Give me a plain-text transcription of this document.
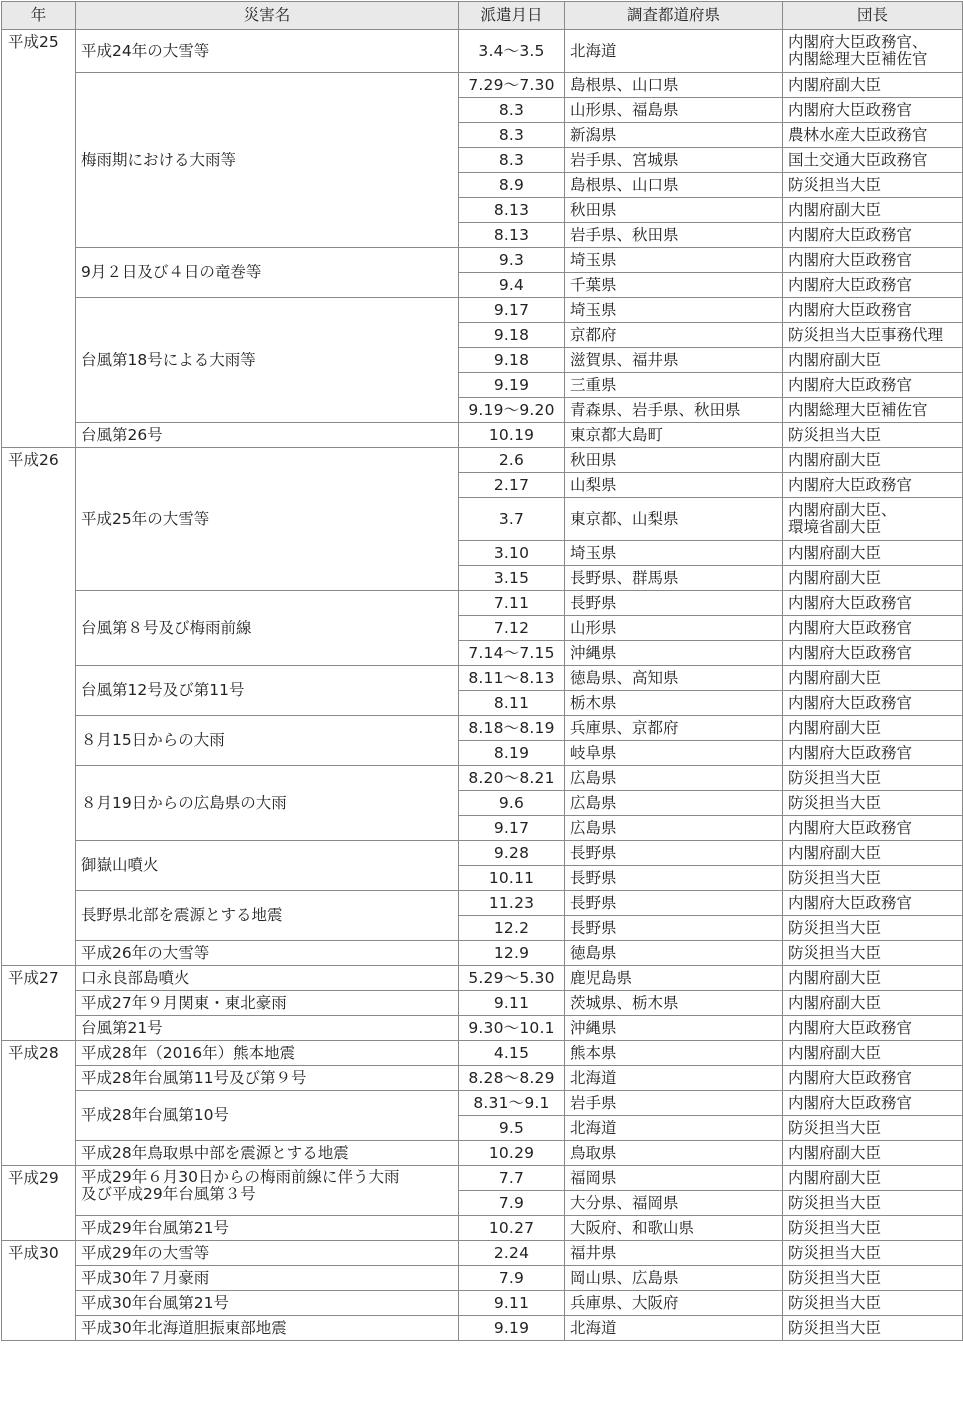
年	災害名	派遣月日	調査都道府県	団長
平成25	平成24年の大雪等	3.4〜3.5	北海道	内閣府大臣政務官、
内閣総理大臣補佐官
	梅雨期における大雨等	7.29〜7.30	島根県、山口県	内閣府副大臣
		8.3	山形県、福島県	内閣府大臣政務官
		8.3	新潟県	農林水産大臣政務官
		8.3	岩手県、宮城県	国土交通大臣政務官
		8.9	島根県、山口県	防災担当大臣
		8.13	秋田県	内閣府副大臣
		8.13	岩手県、秋田県	内閣府大臣政務官
	9月２日及び４日の竜巻等	9.3	埼玉県	内閣府大臣政務官
		9.4	千葉県	内閣府大臣政務官
	台風第18号による大雨等	9.17	埼玉県	内閣府大臣政務官
		9.18	京都府	防災担当大臣事務代理
		9.18	滋賀県、福井県	内閣府副大臣
		9.19	三重県	内閣府大臣政務官
		9.19〜9.20	青森県、岩手県、秋田県	内閣総理大臣補佐官
	台風第26号	10.19	東京都大島町	防災担当大臣
平成26	平成25年の大雪等	2.6	秋田県	内閣府副大臣
		2.17	山梨県	内閣府大臣政務官
		3.7	東京都、山梨県	内閣府副大臣、
環境省副大臣
		3.10	埼玉県	内閣府副大臣
		3.15	長野県、群馬県	内閣府副大臣
	台風第８号及び梅雨前線	7.11	長野県	内閣府大臣政務官
		7.12	山形県	内閣府大臣政務官
		7.14〜7.15	沖縄県	内閣府大臣政務官
	台風第12号及び第11号	8.11〜8.13	徳島県、高知県	内閣府副大臣
		8.11	栃木県	内閣府大臣政務官
	８月15日からの大雨	8.18〜8.19	兵庫県、京都府	内閣府副大臣
		8.19	岐阜県	内閣府大臣政務官
	８月19日からの広島県の大雨	8.20〜8.21	広島県	防災担当大臣
		9.6	広島県	防災担当大臣
		9.17	広島県	内閣府大臣政務官
	御嶽山噴火	9.28	長野県	内閣府副大臣
		10.11	長野県	防災担当大臣
	長野県北部を震源とする地震	11.23	長野県	内閣府大臣政務官
		12.2	長野県	防災担当大臣
	平成26年の大雪等	12.9	徳島県	防災担当大臣
平成27	口永良部島噴火	5.29〜5.30	鹿児島県	内閣府副大臣
	平成27年９月関東・東北豪雨	9.11	茨城県、栃木県	内閣府副大臣
	台風第21号	9.30〜10.1	沖縄県	内閣府大臣政務官
平成28	平成28年（2016年）熊本地震	4.15	熊本県	内閣府副大臣
	平成28年台風第11号及び第９号	8.28〜8.29	北海道	内閣府大臣政務官
	平成28年台風第10号	8.31〜9.1	岩手県	内閣府大臣政務官
		9.5	北海道	防災担当大臣
	平成28年鳥取県中部を震源とする地震	10.29	鳥取県	内閣府副大臣
平成29	平成29年６月30日からの梅雨前線に伴う大雨
及び平成29年台風第３号	7.7	福岡県	内閣府副大臣
		7.9	大分県、福岡県	防災担当大臣
	平成29年台風第21号	10.27	大阪府、和歌山県	防災担当大臣
平成30	平成29年の大雪等	2.24	福井県	防災担当大臣
	平成30年７月豪雨	7.9	岡山県、広島県	防災担当大臣
	平成30年台風第21号	9.11	兵庫県、大阪府	防災担当大臣
	平成30年北海道胆振東部地震	9.19	北海道	防災担当大臣
